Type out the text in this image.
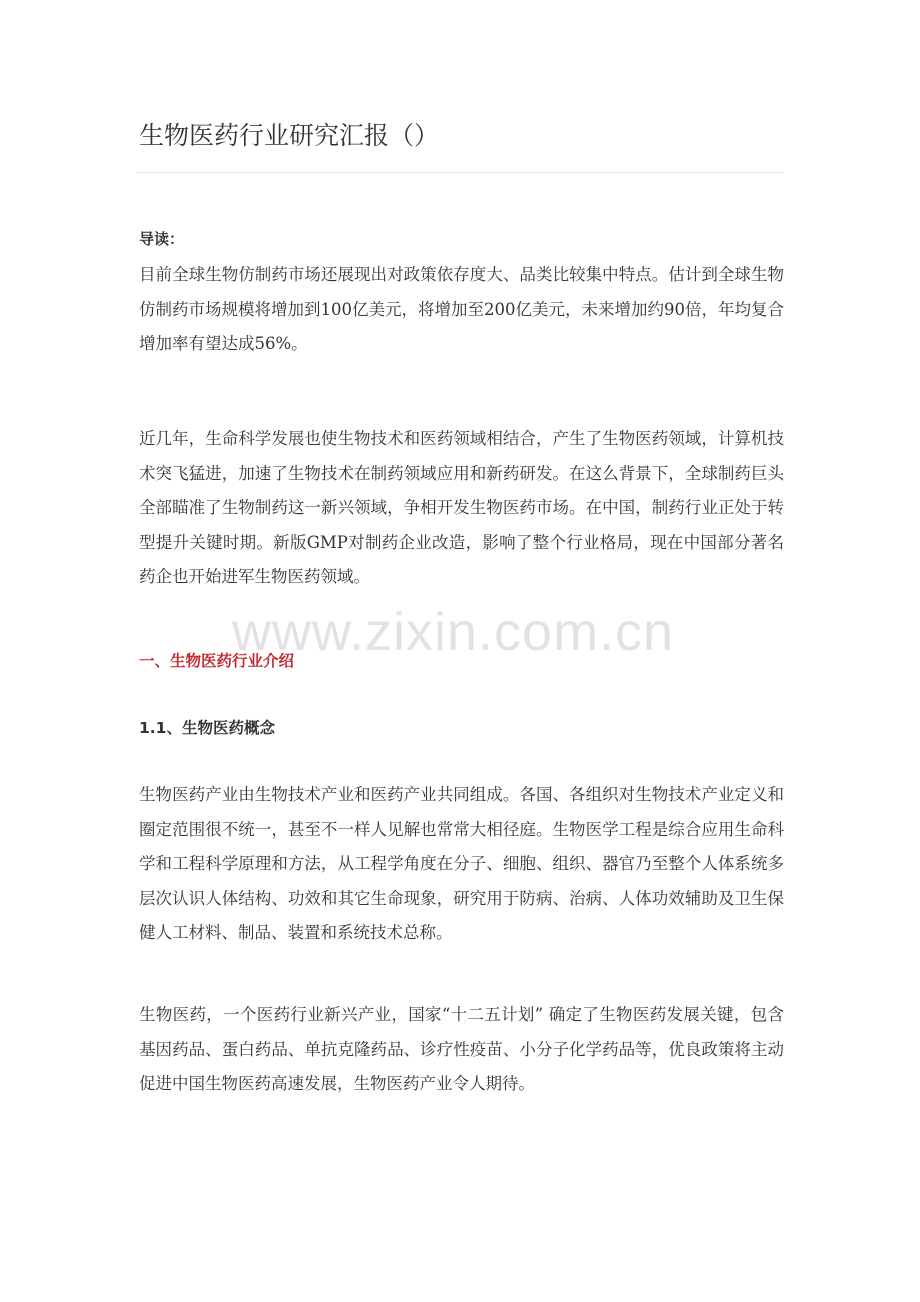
生物医药行业研究汇报（）
导读：

目前全球生物仿制药市场还展现出对政策依存度大、品类比较集中特点。估计到全球生物仿制药市场规模将增加到100亿美元，将增加至200亿美元，未来增加约90倍，年均复合增加率有望达成56%。

近几年，生命科学发展也使生物技术和医药领域相结合，产生了生物医药领域，计算机技术突飞猛进，加速了生物技术在制药领域应用和新药研发。在这么背景下，全球制药巨头全部瞄准了生物制药这一新兴领域，争相开发生物医药市场。在中国，制药行业正处于转型提升关键时期。新版GMP对制药企业改造，影响了整个行业格局，现在中国部分著名药企也开始进军生物医药领域。

一、生物医药行业介绍
1.1、生物医药概念

生物医药产业由生物技术产业和医药产业共同组成。各国、各组织对生物技术产业定义和圈定范围很不统一，甚至不一样人见解也常常大相径庭。生物医学工程是综合应用生命科学和工程科学原理和方法，从工程学角度在分子、细胞、组织、器官乃至整个人体系统多层次认识人体结构、功效和其它生命现象，研究用于防病、治病、人体功效辅助及卫生保健人工材料、制品、装置和系统技术总称。

生物医药，一个医药行业新兴产业，国家“十二五计划” 确定了生物医药发展关键，包含基因药品、蛋白药品、单抗克隆药品、诊疗性疫苗、小分子化学药品等，优良政策将主动促进中国生物医药高速发展，生物医药产业令人期待。

www.zixin.com.cn
